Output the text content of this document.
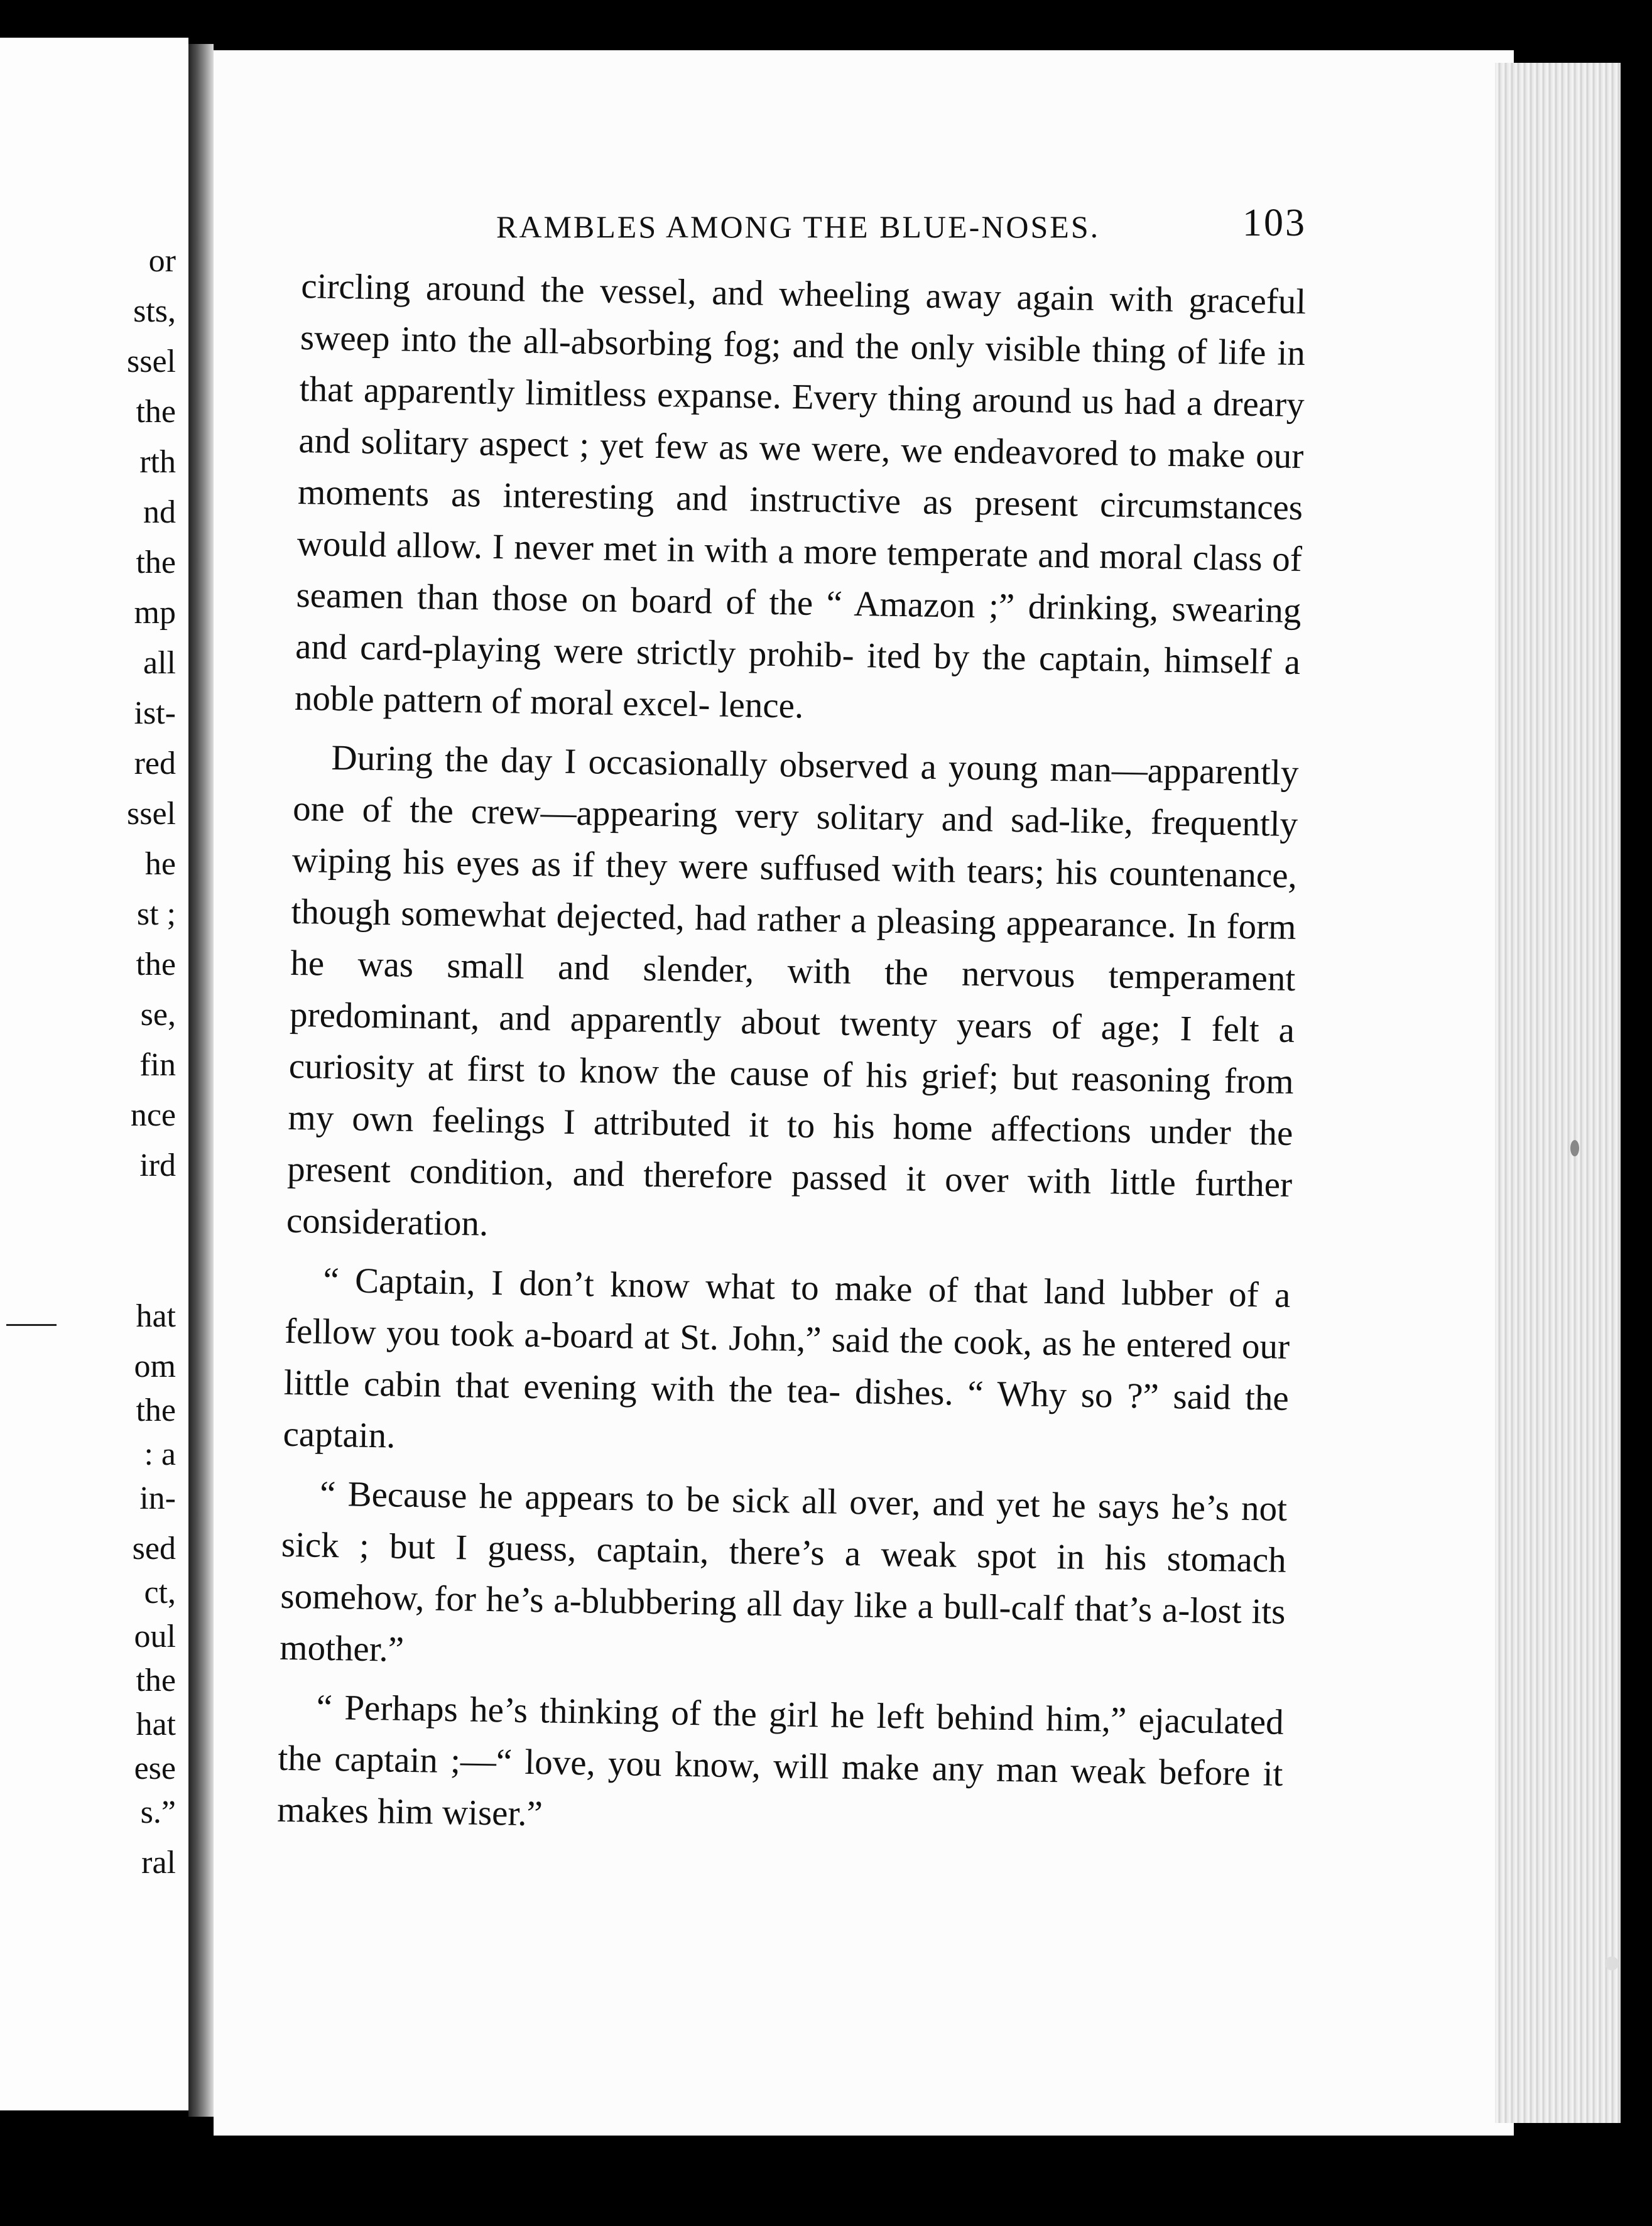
or
sts,
ssel
the
rth
nd
the
mp
all
ist-
red
ssel
he
st ;
the
se,
fin
nce
ird
hat
om
the
: a
in-
sed
ct,
oul
the
hat
ese
s.”
ral
RAMBLES AMONG THE BLUE-NOSES.	103

circling around the vessel, and wheeling away again with graceful sweep into the all-absorbing fog; and the only visible thing of life in that apparently limitless expanse. Every thing around us had a dreary and solitary aspect ; yet few as we were, we endeavored to make our moments as interesting and instructive as present circumstances would allow. I never met in with a more temperate and moral class of seamen than those on board of the “ Amazon ;” drinking, swearing and card-playing were strictly prohib- ited by the captain, himself a noble pattern of moral excel- lence.

During the day I occasionally observed a young man—apparently one of the crew—appearing very solitary and sad-like, frequently wiping his eyes as if they were suffused with tears; his countenance, though somewhat dejected, had rather a pleasing appearance. In form he was small and slender, with the nervous temperament predominant, and apparently about twenty years of age; I felt a curiosity at first to know the cause of his grief; but reasoning from my own feelings I attributed it to his home affections under the present condition, and therefore passed it over with little further consideration.

“ Captain, I don’t know what to make of that land lubber of a fellow you took a-board at St. John,” said the cook, as he entered our little cabin that evening with the tea- dishes. “ Why so ?” said the captain.

“ Because he appears to be sick all over, and yet he says he’s not sick ; but I guess, captain, there’s a weak spot in his stomach somehow, for he’s a-blubbering all day like a bull-calf that’s a-lost its mother.”

“ Perhaps he’s thinking of the girl he left behind him,” ejaculated the captain ;—“ love, you know, will make any man weak before it makes him wiser.”
